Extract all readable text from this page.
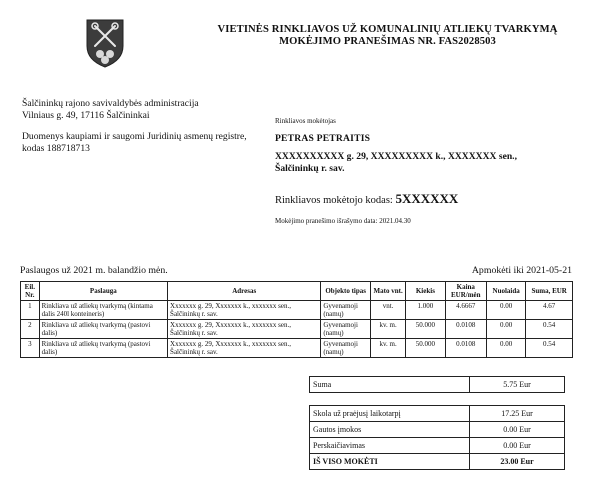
VIETINĖS RINKLIAVOS UŽ KOMUNALINIŲ ATLIEKŲ TVARKYMĄ
MOKĖJIMO PRANEŠIMAS NR. FAS2028503
Šalčininkų rajono savivaldybės administracija
Vilniaus g. 49, 17116 Šalčininkai
Duomenys kaupiami ir saugomi Juridinių asmenų registre,
kodas 188718713
Rinkliavos mokėtojas
PETRAS PETRAITIS
XXXXXXXXXX g. 29, XXXXXXXXX k., XXXXXXX sen.,
Šalčininkų r. sav.
Rinkliavos mokėtojo kodas: 5XXXXXX
Mokėjimo pranešimo išrašymo data: 2021.04.30
Paslaugos už 2021 m. balandžio mėn.	Apmokėti iki 2021-05-21
Eil. Nr.	Paslauga	Adresas	Objekto tipas	Mato vnt.	Kiekis	Kaina EUR/mėn	Nuolaida	Suma, EUR
1	Rinkliava už atliekų tvarkymą (kintama dalis 240l konteineris)	Xxxxxxx g. 29, Xxxxxxx k., xxxxxxx sen., Šalčininkų r. sav.	Gyvenamoji (namų)	vnt.	1.000	4.6667	0.00	4.67
2	Rinkliava už atliekų tvarkymą (pastovi dalis)	Xxxxxxx g. 29, Xxxxxxx k., xxxxxxx sen., Šalčininkų r. sav.	Gyvenamoji (namų)	kv. m.	50.000	0.0108	0.00	0.54
3	Rinkliava už atliekų tvarkymą (pastovi dalis)	Xxxxxxx g. 29, Xxxxxxx k., xxxxxxx sen., Šalčininkų r. sav.	Gyvenamoji (namų)	kv. m.	50.000	0.0108	0.00	0.54
Suma	5.75 Eur
Skola už praėjusį laikotarpį	17.25 Eur
Gautos įmokos	0.00 Eur
Perskaičiavimas	0.00 Eur
IŠ VISO MOKĖTI	23.00 Eur
